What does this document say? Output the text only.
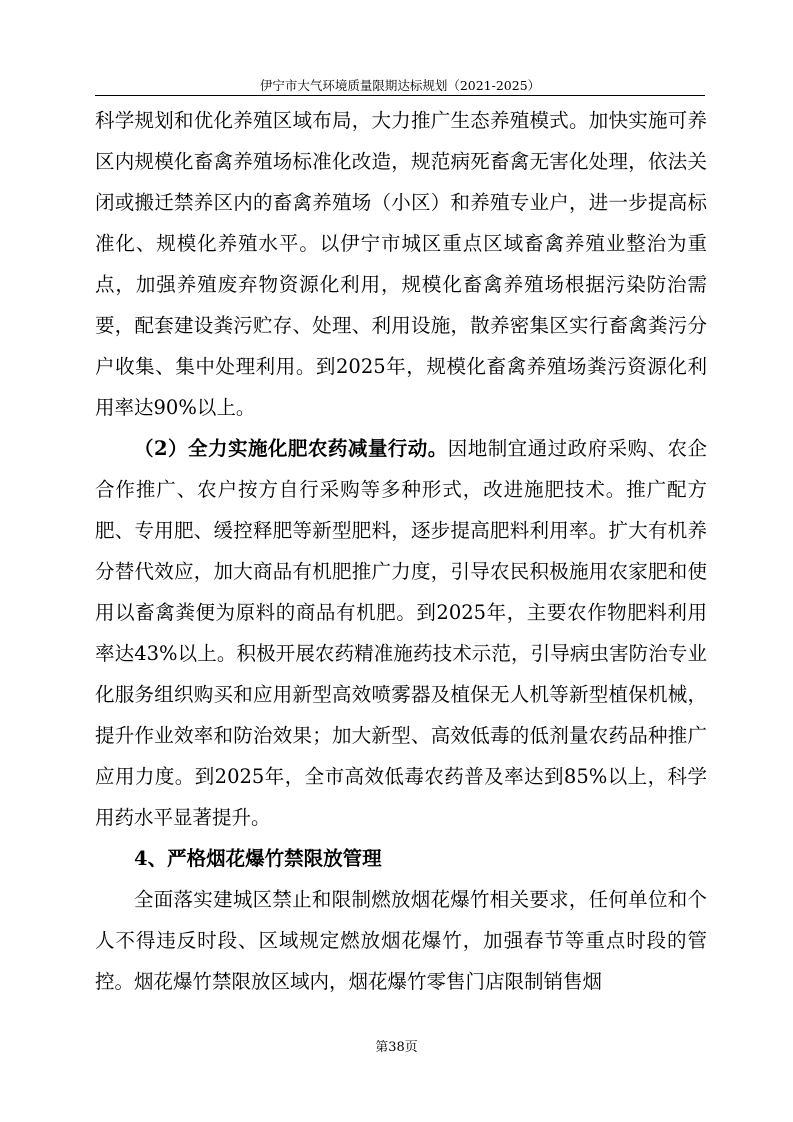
伊宁市大气环境质量限期达标规划（2021-2025）

科学规划和优化养殖区域布局，大力推广生态养殖模式。加快实施可养区内规模化畜禽养殖场标准化改造，规范病死畜禽无害化处理，依法关闭或搬迁禁养区内的畜禽养殖场（小区）和养殖专业户，进一步提高标准化、规模化养殖水平。以伊宁市城区重点区域畜禽养殖业整治为重点，加强养殖废弃物资源化利用，规模化畜禽养殖场根据污染防治需要，配套建设粪污贮存、处理、利用设施，散养密集区实行畜禽粪污分户收集、集中处理利用。到2025年，规模化畜禽养殖场粪污资源化利用率达90%以上。

（2）全力实施化肥农药减量行动。因地制宜通过政府采购、农企合作推广、农户按方自行采购等多种形式，改进施肥技术。推广配方肥、专用肥、缓控释肥等新型肥料，逐步提高肥料利用率。扩大有机养分替代效应，加大商品有机肥推广力度，引导农民积极施用农家肥和使用以畜禽粪便为原料的商品有机肥。到2025年，主要农作物肥料利用率达43%以上。积极开展农药精准施药技术示范，引导病虫害防治专业化服务组织购买和应用新型高效喷雾器及植保无人机等新型植保机械，提升作业效率和防治效果；加大新型、高效低毒的低剂量农药品种推广应用力度。到2025年，全市高效低毒农药普及率达到85%以上，科学用药水平显著提升。

4、严格烟花爆竹禁限放管理

全面落实建城区禁止和限制燃放烟花爆竹相关要求，任何单位和个人不得违反时段、区域规定燃放烟花爆竹，加强春节等重点时段的管控。烟花爆竹禁限放区域内，烟花爆竹零售门店限制销售烟

第38页
